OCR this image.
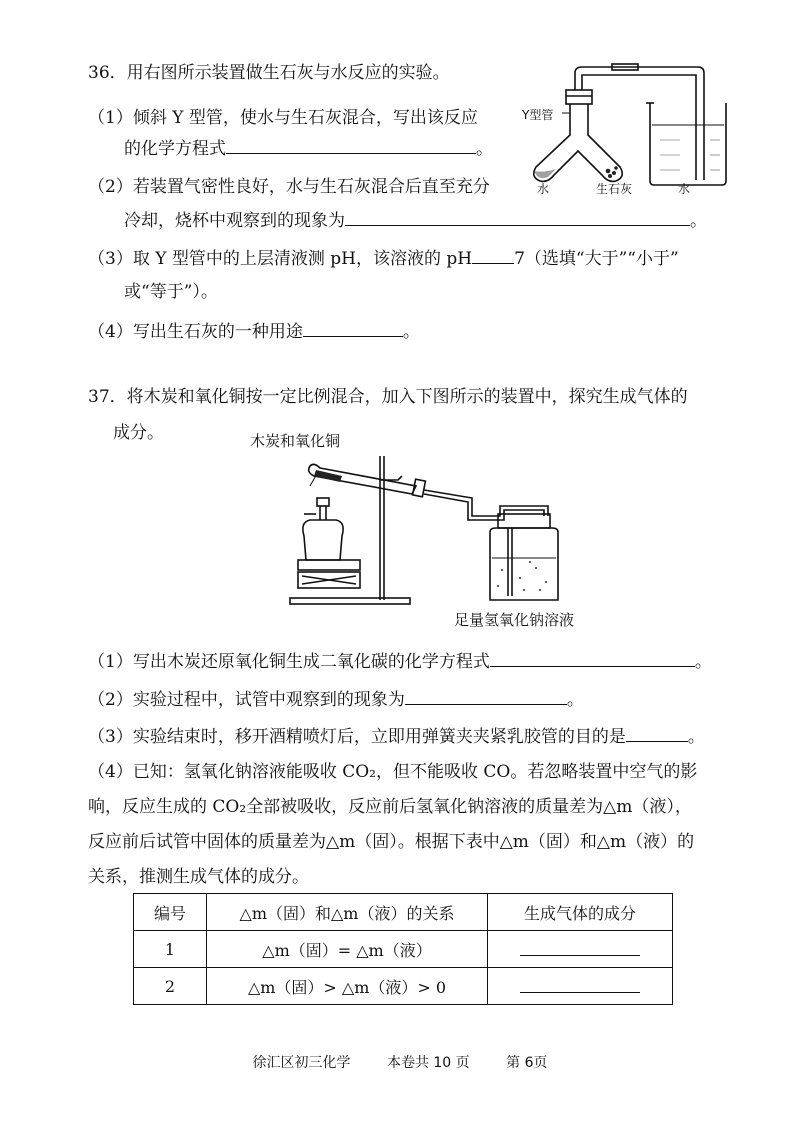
36．用右图所示装置做生石灰与水反应的实验。
（1）倾斜 Y 型管，使水与生石灰混合，写出该反应
的化学方程式	。
（2）若装置气密性良好，水与生石灰混合后直至充分
冷却，烧杯中观察到的现象为	。
（3）取 Y 型管中的上层清液测 pH，该溶液的 pH 7（选填“大于”“小于”
或“等于”）。
（4）写出生石灰的一种用途	。
Y型管
水	生石灰	水
37．将木炭和氧化铜按一定比例混合，加入下图所示的装置中，探究生成气体的
成分。	木炭和氧化铜
足量氢氧化钠溶液
（1）写出木炭还原氧化铜生成二氧化碳的化学方程式	。
（2）实验过程中，试管中观察到的现象为	。
（3）实验结束时，移开酒精喷灯后，立即用弹簧夹夹紧乳胶管的目的是	。
（4）已知：氢氧化钠溶液能吸收 CO₂，但不能吸收 CO。若忽略装置中空气的影
响，反应生成的 CO₂全部被吸收，反应前后氢氧化钠溶液的质量差为△m（液），
反应前后试管中固体的质量差为△m（固）。根据下表中△m（固）和△m（液）的
关系，推测生成气体的成分。
编号	△m（固）和△m（液）的关系	生成气体的成分
1	△m（固）= △m（液）	
2	△m（固）> △m（液）> 0	
徐汇区初三化学	本卷共 10 页	第 6页
